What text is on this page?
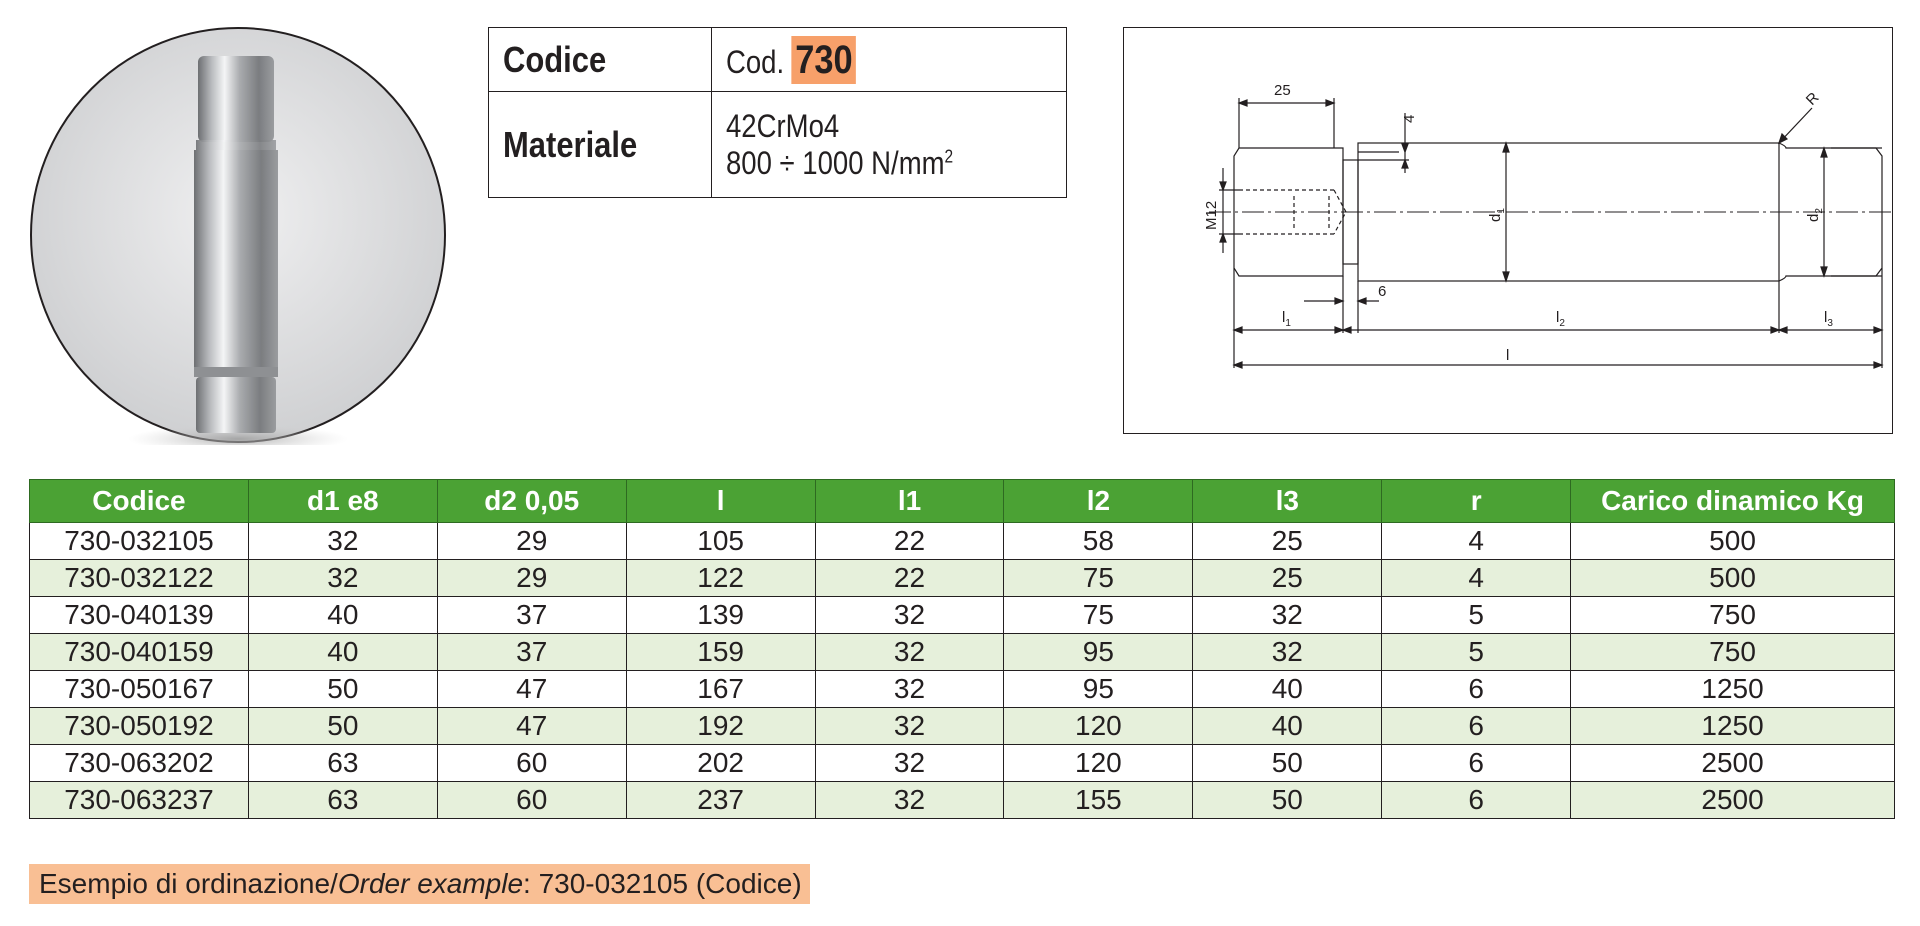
Codice	Cod. 730
Materiale	42CrMo4
800 ÷ 1000 $N/mm^2$
25
4
R
M12	$d_1$
$d_2$
6
$l_1$	$l_2$	$l_3$
l
Codice	d1 e8	d2 0,05	l	l1	l2	l3	r	Carico dinamico Kg
730-032105	32	29	105	22	58	25	4	500
730-032122	32	29	122	22	75	25	4	500
730-040139	40	37	139	32	75	32	5	750
730-040159	40	37	159	32	95	32	5	750
730-050167	50	47	167	32	95	40	6	1250
730-050192	50	47	192	32	120	40	6	1250
730-063202	63	60	202	32	120	50	6	2500
730-063237	63	60	237	32	155	50	6	2500
Esempio di ordinazione/Order example: 730-032105 (Codice)
